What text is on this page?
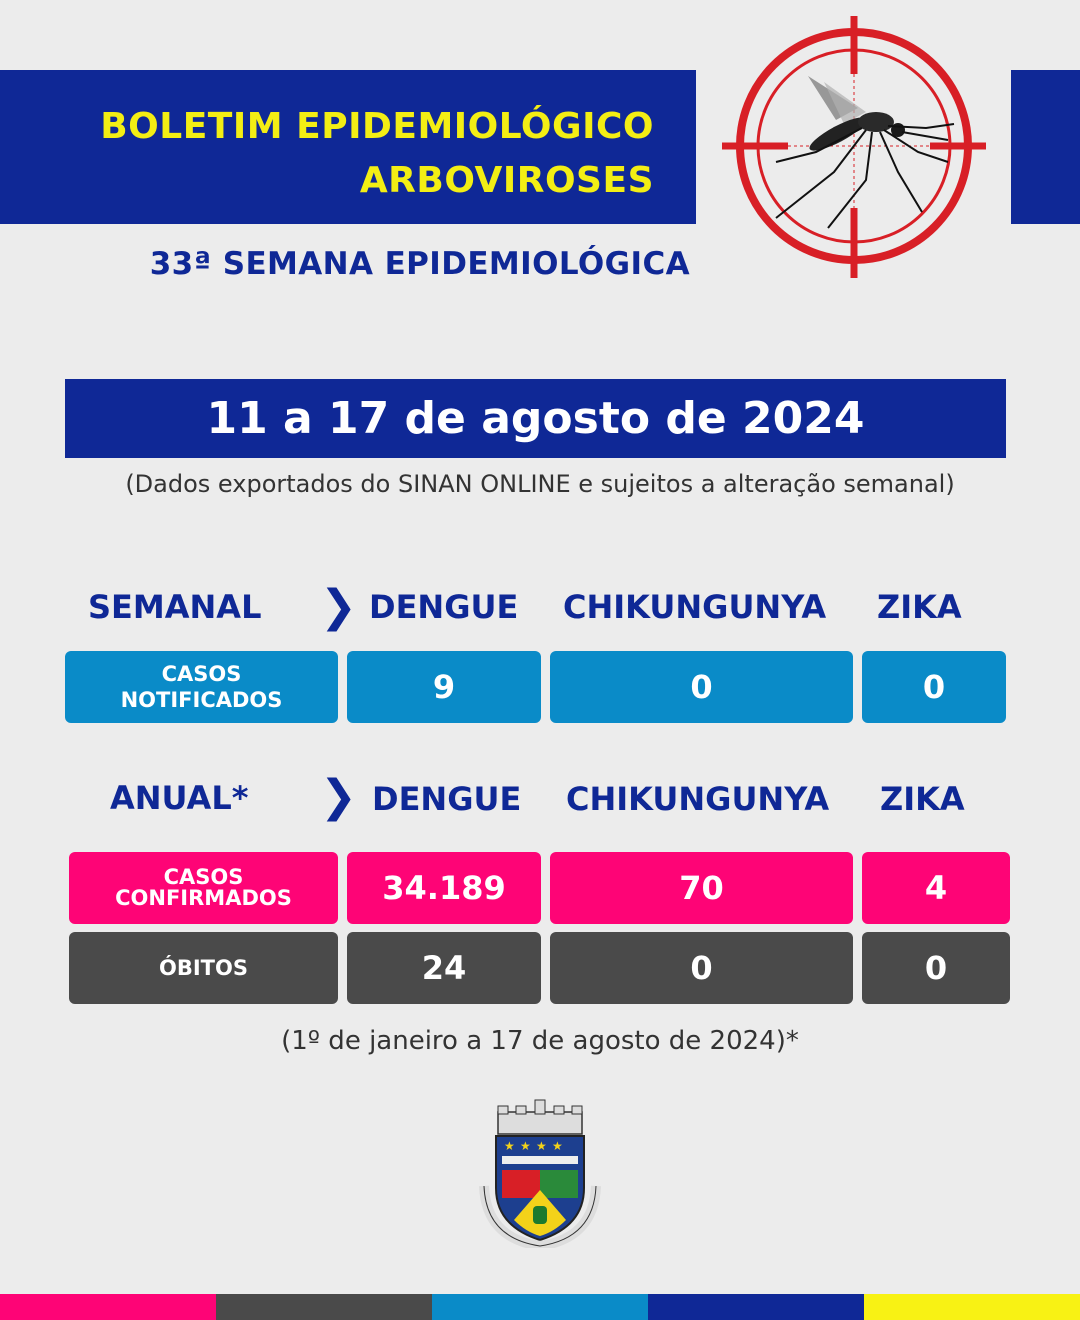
BOLETIM EPIDEMIOLÓGICO
ARBOVIROSES
33ª SEMANA EPIDEMIOLÓGICA
11 a 17 de agosto de 2024
(Dados exportados do SINAN ONLINE e sujeitos a alteração semanal)
SEMANAL ❯ DENGUE CHIKUNGUNYA ZIKA
CASOS
NOTIFICADOS	9	0	0
ANUAL* ❯ DENGUE CHIKUNGUNYA ZIKA
CASOS
CONFIRMADOS	34.189	70	4
ÓBITOS	24	0	0
(1º de janeiro a 17 de agosto de 2024)*
★ ★ ★ ★
